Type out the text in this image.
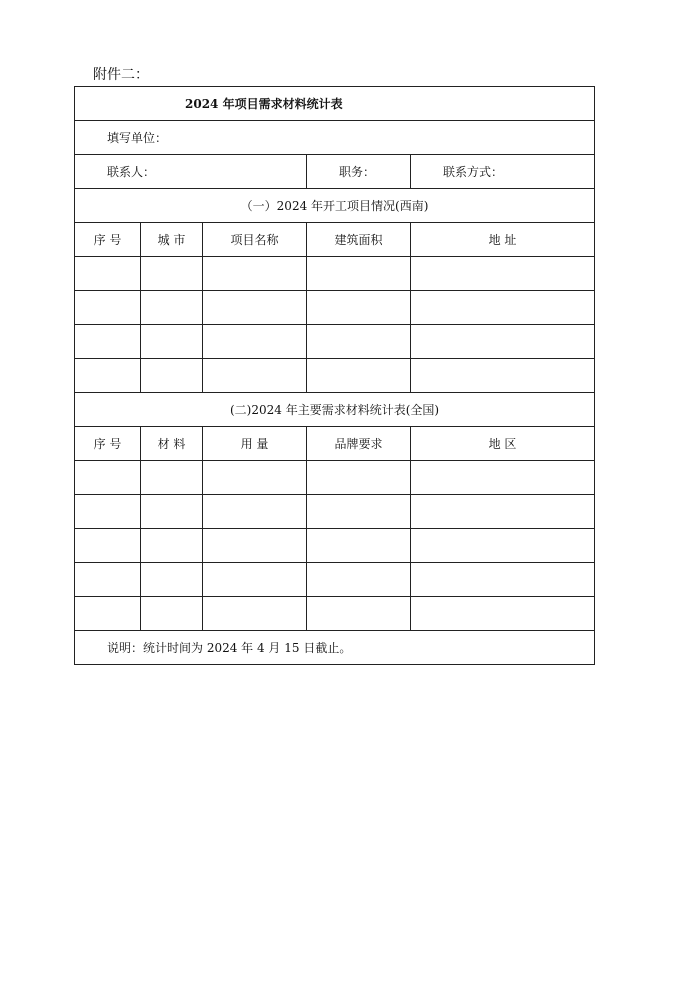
附件二：
2024 年项目需求材料统计表				
填写单位：				
联系人：			职务：	联系方式：
（一）2024 年开工项目情况(西南)				
序 号	城 市	项目名称	建筑面积	地 址

(二)2024 年主要需求材料统计表(全国)				
序 号	材 料	用 量	品牌要求	地 区

说明：统计时间为 2024 年 4 月 15 日截止。				
